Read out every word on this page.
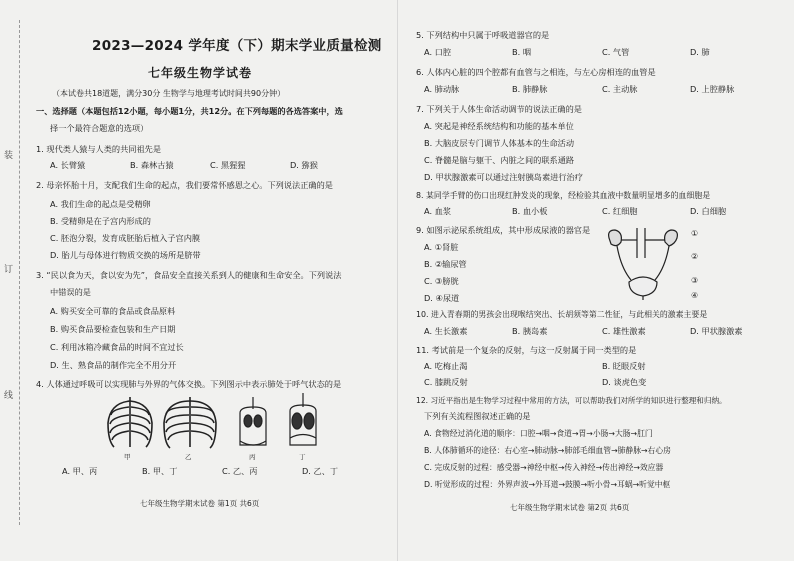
装
订
线
2023—2024 学年度（下）期末学业质量检测
七年级生物学试卷
（本试卷共18道题，满分30分 生物学与地理考试时间共90分钟）
一、选择题（本题包括12小题，每小题1分，共12分。在下列每题的各选答案中，选
择一个最符合题意的选项）
1. 现代类人猿与人类的共同祖先是
A. 长臂猿	B. 森林古猿	C. 黑猩猩	D. 猕猴
2. 母亲怀胎十月，支配我们生命的起点，我们要常怀感恩之心。下列说法正确的是
A. 我们生命的起点是受精卵
B. 受精卵是在子宫内形成的
C. 胚泡分裂，发育成胚胎后植入子宫内膜
D. 胎儿与母体进行物质交换的场所是脐带
3. “民以食为天，食以安为先”，食品安全直接关系到人的健康和生命安全。下列说法
中错误的是
A. 购买安全可靠的食品或食品原料
B. 购买食品要检查包装和生产日期
C. 利用冰箱冷藏食品的时间不宜过长
D. 生、熟食品的制作完全不用分开
4. 人体通过呼吸可以实现肺与外界的气体交换。下列图示中表示肺处于呼气状态的是
甲	乙	丙	丁
A. 甲、丙	B. 甲、丁	C. 乙、丙	D. 乙、丁
七年级生物学期末试卷 第1页 共6页
5. 下列结构中只属于呼吸道器官的是
A. 口腔	B. 咽	C. 气管	D. 肺
6. 人体内心脏的四个腔都有血管与之相连，与左心房相连的血管是
A. 肺动脉	B. 肺静脉	C. 主动脉	D. 上腔静脉
7. 下列关于人体生命活动调节的说法正确的是
A. 突起是神经系统结构和功能的基本单位
B. 大脑皮层专门调节人体基本的生命活动
C. 脊髓是脑与躯干、内脏之间的联系通路
D. 甲状腺激素可以通过注射胰岛素进行治疗
8. 某同学手臂的伤口出现红肿发炎的现象，经检验其血液中数量明显增多的血细胞是
A. 血浆	B. 血小板	C. 红细胞	D. 白细胞
9. 如图示泌尿系统组成，其中形成尿液的器官是
A. ①肾脏
B. ②输尿管
C. ③膀胱
D. ④尿道
①
②
③
④
10. 进入青春期的男孩会出现喉结突出、长胡须等第二性征，与此相关的激素主要是
A. 生长激素	B. 胰岛素	C. 雄性激素	D. 甲状腺激素
11. 考试前是一个复杂的反射，与这一反射属于同一类型的是
A. 吃梅止渴	B. 眨眼反射
C. 膝跳反射	D. 谈虎色变
12. 习近平指出是生物学习过程中常用的方法，可以帮助我们对所学的知识进行整理和归纳。
下列有关流程图叙述正确的是
A. 食物经过消化道的顺序：口腔→咽→食道→胃→小肠→大肠→肛门
B. 人体肺循环的途径：右心室→肺动脉→肺部毛细血管→肺静脉→右心房
C. 完成反射的过程：感受器→神经中枢→传入神经→传出神经→效应器
D. 听觉形成的过程：外界声波→外耳道→鼓膜→听小骨→耳蜗→听觉中枢
七年级生物学期末试卷 第2页 共6页
